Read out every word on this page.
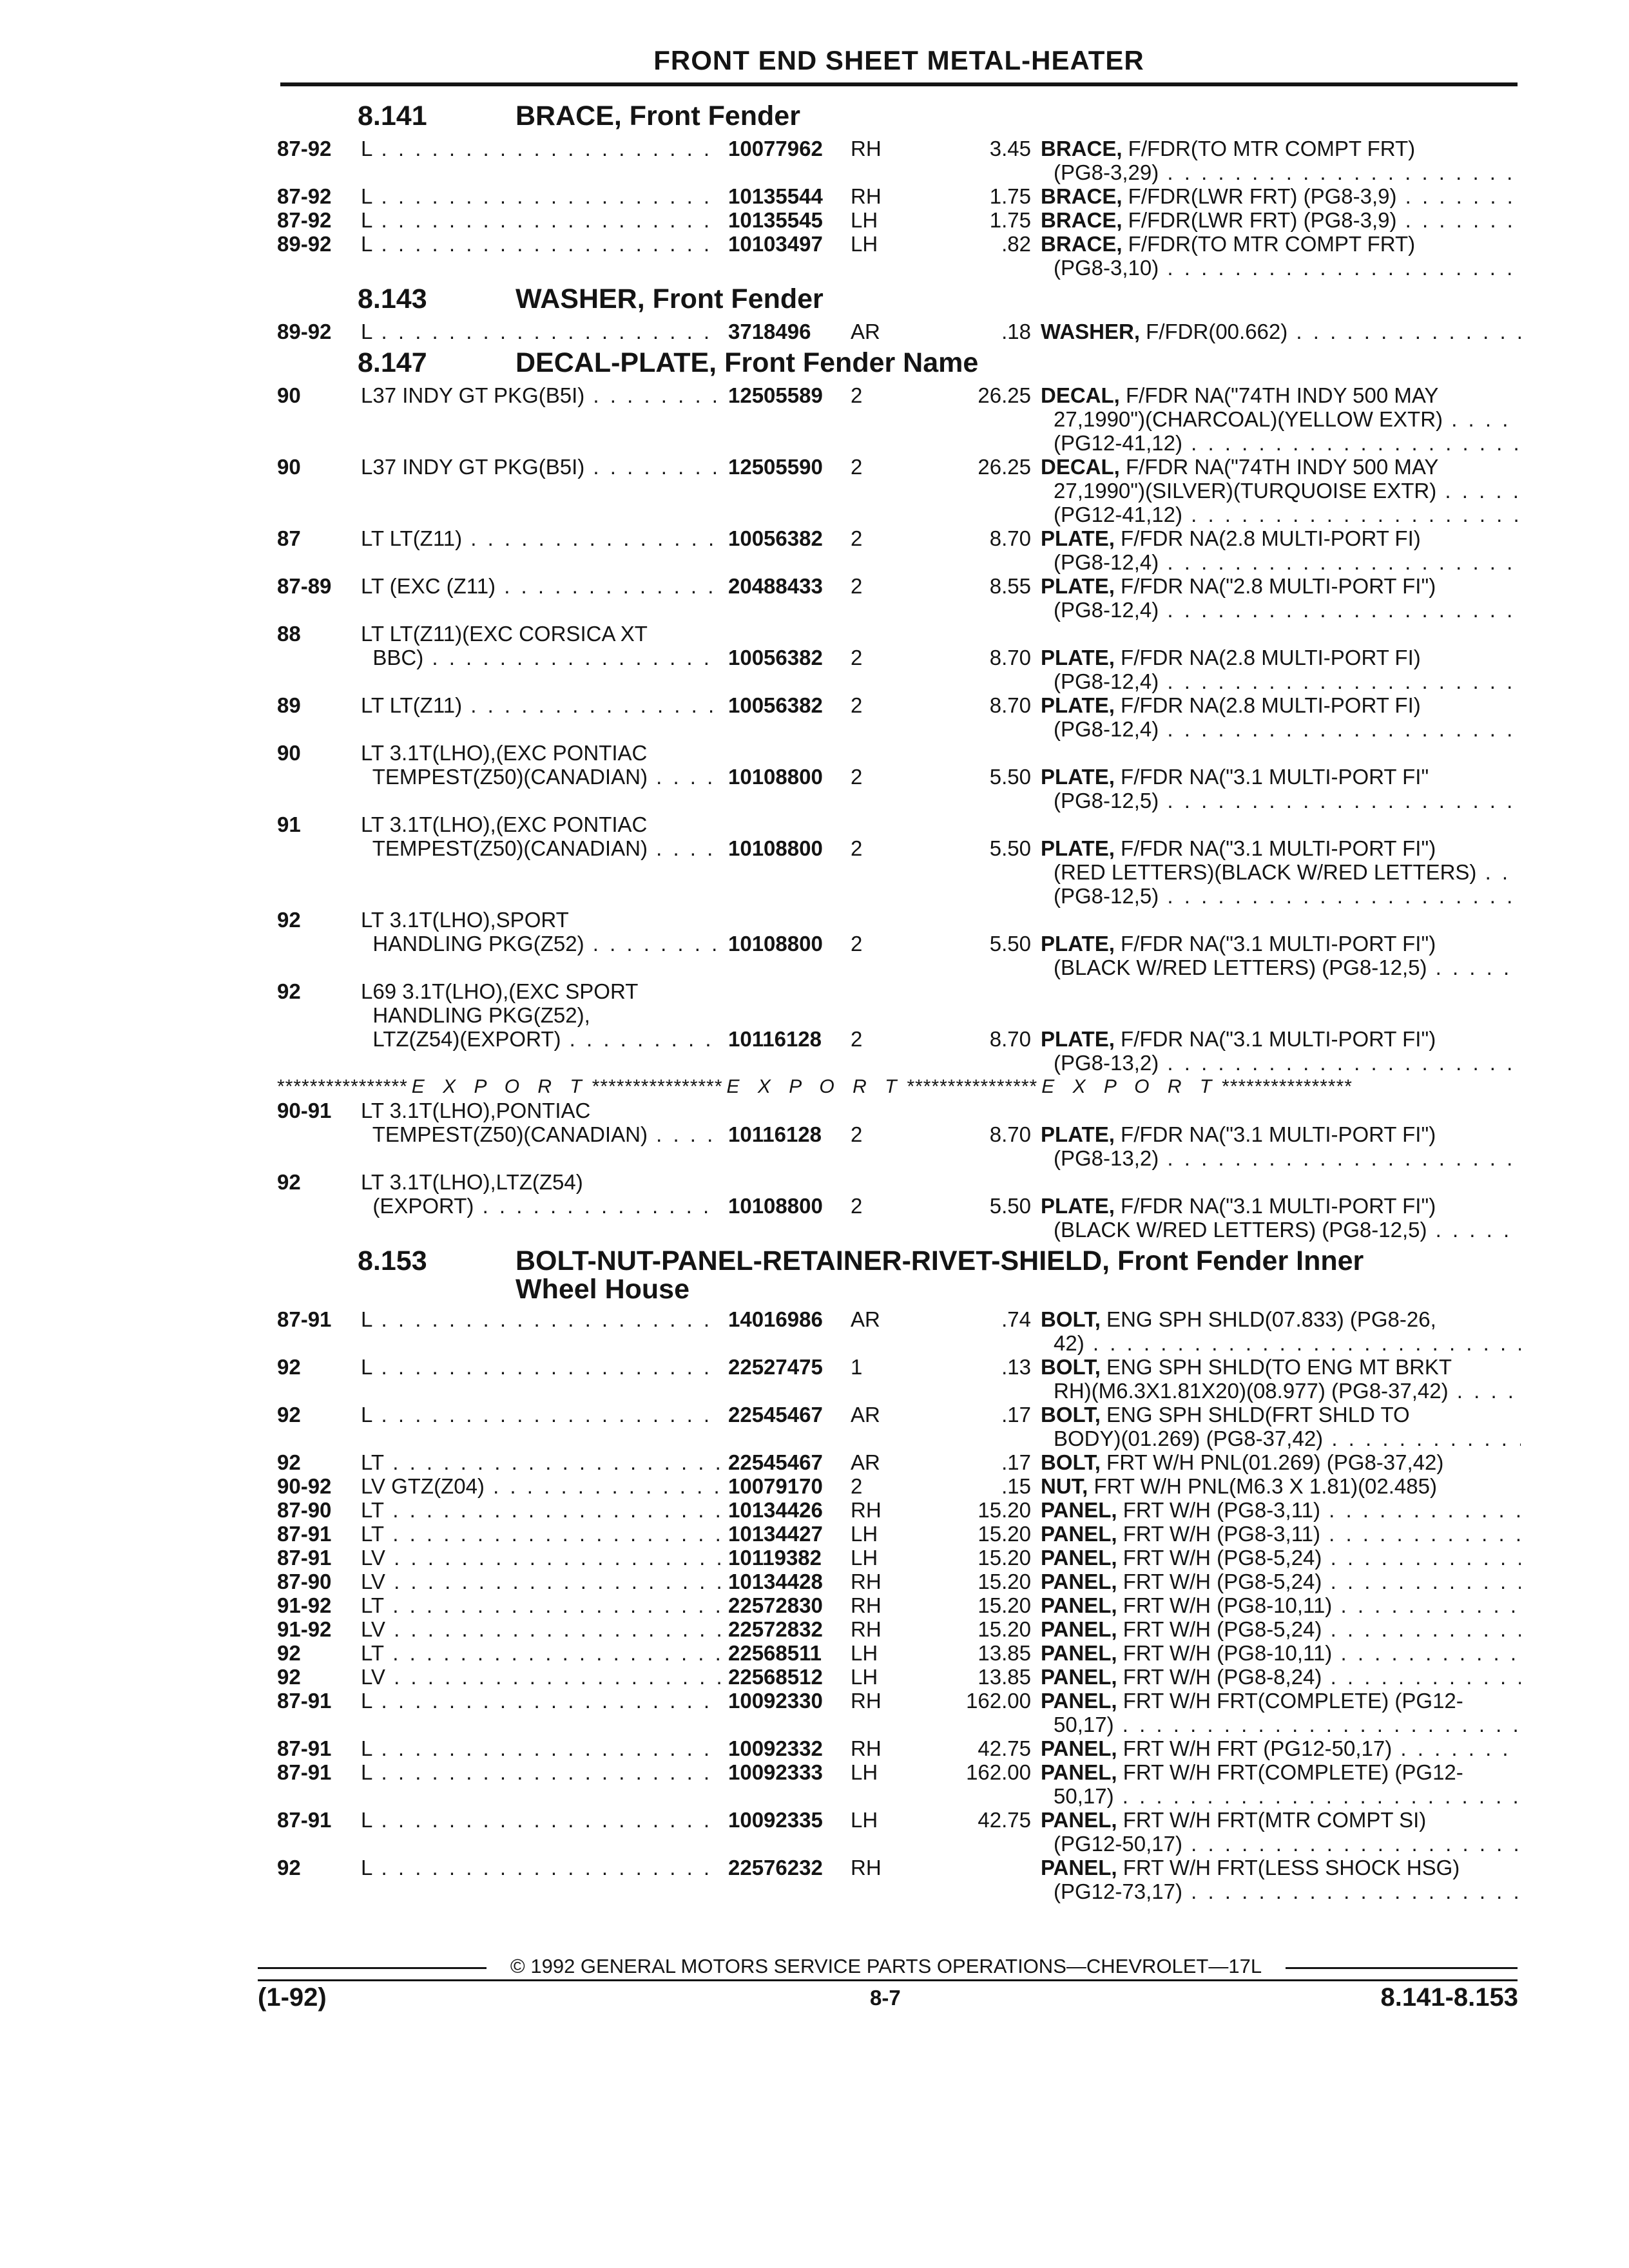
FRONT END SHEET METAL-HEATER
8.141	BRACE, Front Fender
87-92	L . . .	10077962	RH	3.45 BRACE, F/FDR(TO MTR COMPT FRT)
(PG8-3,29) . . .
87-92	L . . .	10135544	RH	1.75 BRACE, F/FDR(LWR FRT) (PG8-3,9) . . .
87-92	L . . .	10135545	LH	1.75 BRACE, F/FDR(LWR FRT) (PG8-3,9) . . .
89-92	L . . .	10103497	LH	.82 BRACE, F/FDR(TO MTR COMPT FRT)
(PG8-3,10) . . .
8.143	WASHER, Front Fender
89-92	L . . .	3718496	AR	.18 WASHER, F/FDR(00.662) . . .
8.147	DECAL-PLATE, Front Fender Name
90	L37 INDY GT PKG(B5I) . . .	12505589	2	26.25 DECAL, F/FDR NA("74TH INDY 500 MAY
27,1990")(CHARCOAL)(YELLOW EXTR) . . .
(PG12-41,12) . . .
90	L37 INDY GT PKG(B5I) . . .	12505590	2	26.25 DECAL, F/FDR NA("74TH INDY 500 MAY
27,1990")(SILVER)(TURQUOISE EXTR) . . .
(PG12-41,12) . . .
87	LT LT(Z11) . . .	10056382	2	8.70 PLATE, F/FDR NA(2.8 MULTI-PORT FI)
(PG8-12,4) . . .
87-89	LT (EXC (Z11) . . .	20488433	2	8.55 PLATE, F/FDR NA("2.8 MULTI-PORT FI")
(PG8-12,4) . . .
88	LT LT(Z11)(EXC CORSICA XT
BBC) . . .	10056382	2	8.70 PLATE, F/FDR NA(2.8 MULTI-PORT FI)
(PG8-12,4) . . .
89	LT LT(Z11) . . .	10056382	2	8.70 PLATE, F/FDR NA(2.8 MULTI-PORT FI)
(PG8-12,4) . . .
90	LT 3.1T(LHO),(EXC PONTIAC
TEMPEST(Z50)(CANADIAN) . . .	10108800	2	5.50 PLATE, F/FDR NA("3.1 MULTI-PORT FI"
(PG8-12,5) . . .
91	LT 3.1T(LHO),(EXC PONTIAC
TEMPEST(Z50)(CANADIAN) . . .	10108800	2	5.50 PLATE, F/FDR NA("3.1 MULTI-PORT FI")
(RED LETTERS)(BLACK W/RED LETTERS) . . .
(PG8-12,5) . . .
92	LT 3.1T(LHO),SPORT
HANDLING PKG(Z52) . . .	10108800	2	5.50 PLATE, F/FDR NA("3.1 MULTI-PORT FI")
(BLACK W/RED LETTERS) (PG8-12,5) . . .
92	L69 3.1T(LHO),(EXC SPORT
HANDLING PKG(Z52),
LTZ(Z54)(EXPORT) . . .	10116128	2	8.70 PLATE, F/FDR NA("3.1 MULTI-PORT FI")
(PG8-13,2) . . .
**************** E X P O R T **************** E X P O R T **************** E X P O R T ****************
90-91	LT 3.1T(LHO),PONTIAC
TEMPEST(Z50)(CANADIAN) . . .	10116128	2	8.70 PLATE, F/FDR NA("3.1 MULTI-PORT FI")
(PG8-13,2) . . .
92	LT 3.1T(LHO),LTZ(Z54)
(EXPORT) . . .	10108800	2	5.50 PLATE, F/FDR NA("3.1 MULTI-PORT FI")
(BLACK W/RED LETTERS) (PG8-12,5) . . .
8.153	BOLT-NUT-PANEL-RETAINER-RIVET-SHIELD, Front Fender Inner
Wheel House
87-91	L . . .	14016986	AR	.74 BOLT, ENG SPH SHLD(07.833) (PG8-26,
42) . . .
92	L . . .	22527475	1	.13 BOLT, ENG SPH SHLD(TO ENG MT BRKT
RH)(M6.3X1.81X20)(08.977) (PG8-37,42) . . .
92	L . . .	22545467	AR	.17 BOLT, ENG SPH SHLD(FRT SHLD TO
BODY)(01.269) (PG8-37,42) . . .
92	LT . . .	22545467	AR	.17 BOLT, FRT W/H PNL(01.269) (PG8-37,42)
90-92	LV GTZ(Z04) . . .	10079170	2	.15 NUT, FRT W/H PNL(M6.3 X 1.81)(02.485)
87-90	LT . . .	10134426	RH	15.20 PANEL, FRT W/H (PG8-3,11) . . .
87-91	LT . . .	10134427	LH	15.20 PANEL, FRT W/H (PG8-3,11) . . .
87-91	LV . . .	10119382	LH	15.20 PANEL, FRT W/H (PG8-5,24) . . .
87-90	LV . . .	10134428	RH	15.20 PANEL, FRT W/H (PG8-5,24) . . .
91-92	LT . . .	22572830	RH	15.20 PANEL, FRT W/H (PG8-10,11) . . .
91-92	LV . . .	22572832	RH	15.20 PANEL, FRT W/H (PG8-5,24) . . .
92	LT . . .	22568511	LH	13.85 PANEL, FRT W/H (PG8-10,11) . . .
92	LV . . .	22568512	LH	13.85 PANEL, FRT W/H (PG8-8,24) . . .
87-91	L . . .	10092330	RH	162.00 PANEL, FRT W/H FRT(COMPLETE) (PG12-
50,17) . . .
87-91	L . . .	10092332	RH	42.75 PANEL, FRT W/H FRT (PG12-50,17) . . .
87-91	L . . .	10092333	LH	162.00 PANEL, FRT W/H FRT(COMPLETE) (PG12-
50,17) . . .
87-91	L . . .	10092335	LH	42.75 PANEL, FRT W/H FRT(MTR COMPT SI)
(PG12-50,17) . . .
92	L . . .	22576232	RH	PANEL, FRT W/H FRT(LESS SHOCK HSG)
(PG12-73,17) . . .
© 1992 GENERAL MOTORS SERVICE PARTS OPERATIONS—CHEVROLET—17L
(1-92)	8-7	8.141-8.153
